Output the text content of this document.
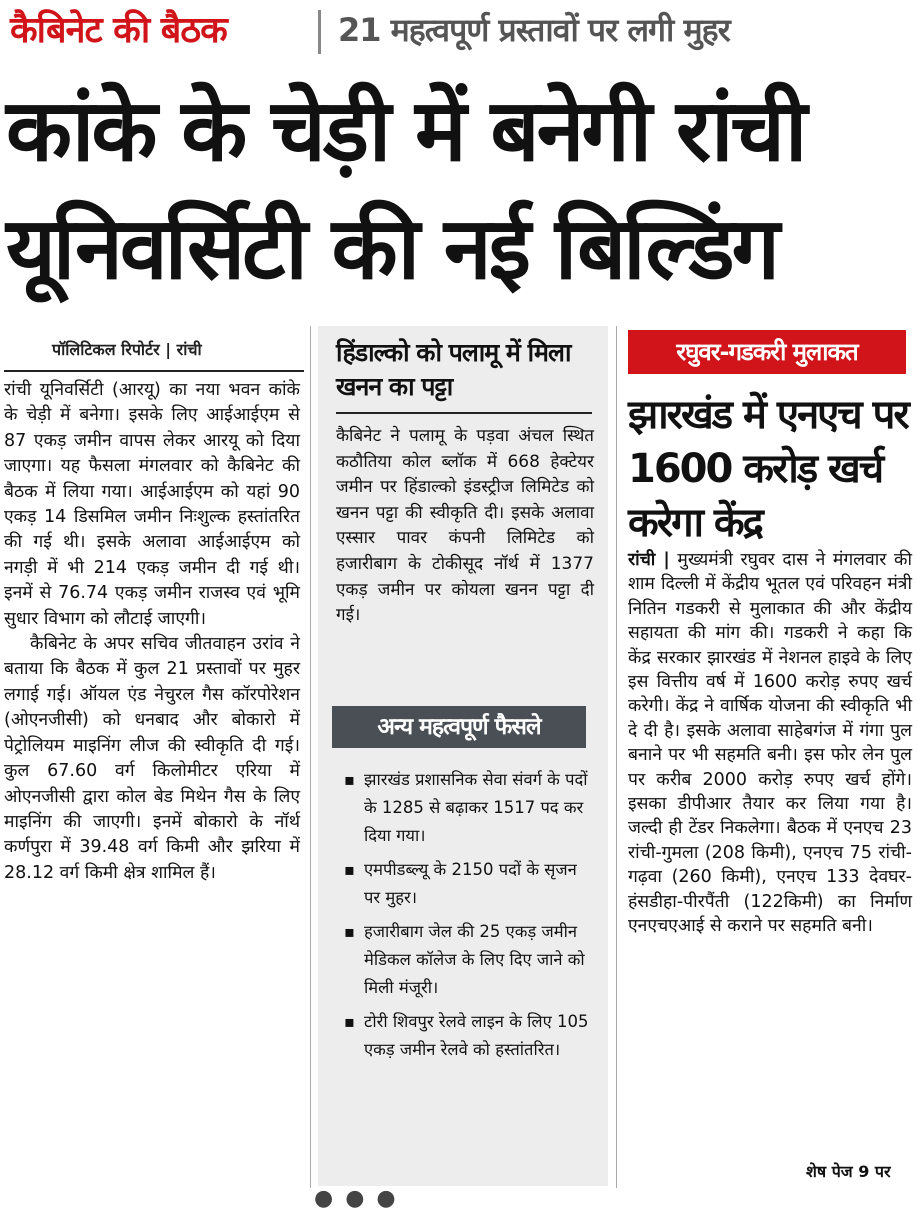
कैबिनेट की बैठक	21 महत्वपूर्ण प्रस्तावों पर लगी मुहर
कांके के चेड़ी में बनेगी रांची
यूनिवर्सिटी की नई बिल्डिंग
पॉलिटिकल रिपोर्टर | रांची

रांची यूनिवर्सिटी (आरयू) का नया भवन कांके के चेड़ी में बनेगा। इसके लिए आईआईएम से 87 एकड़ जमीन वापस लेकर आरयू को दिया जाएगा। यह फैसला मंगलवार को कैबिनेट की बैठक में लिया गया। आईआईएम को यहां 90 एकड़ 14 डिसमिल जमीन निःशुल्क हस्तांतरित की गई थी। इसके अलावा आईआईएम को नगड़ी में भी 214 एकड़ जमीन दी गई थी। इनमें से 76.74 एकड़ जमीन राजस्व एवं भूमि सुधार विभाग को लौटाई जाएगी।

कैबिनेट के अपर सचिव जीतवाहन उरांव ने बताया कि बैठक में कुल 21 प्रस्तावों पर मुहर लगाई गई। ऑयल एंड नेचुरल गैस कॉरपोरेशन (ओएनजीसी) को धनबाद और बोकारो में पेट्रोलियम माइनिंग लीज की स्वीकृति दी गई। कुल 67.60 वर्ग किलोमीटर एरिया में ओएनजीसी द्वारा कोल बेड मिथेन गैस के लिए माइनिंग की जाएगी। इनमें बोकारो के नॉर्थ कर्णपुरा में 39.48 वर्ग किमी और झरिया में 28.12 वर्ग किमी क्षेत्र शामिल हैं।

हिंडाल्को को पलामू में मिला खनन का पट्टा

कैबिनेट ने पलामू के पड़वा अंचल स्थित कठौतिया कोल ब्लॉक में 668 हेक्टेयर जमीन पर हिंडाल्को इंडस्ट्रीज लिमिटेड को खनन पट्टा की स्वीकृति दी। इसके अलावा एस्सार पावर कंपनी लिमिटेड को हजारीबाग के टोकीसूद नॉर्थ में 1377 एकड़ जमीन पर कोयला खनन पट्टा दी गई।

अन्य महत्वपूर्ण फैसले
▪ झारखंड प्रशासनिक सेवा संवर्ग के पदों के 1285 से बढ़ाकर 1517 पद कर दिया गया।
▪ एमपीडब्ल्यू के 2150 पदों के सृजन पर मुहर।
▪ हजारीबाग जेल की 25 एकड़ जमीन मेडिकल कॉलेज के लिए दिए जाने को मिली मंजूरी।
▪ टोरी शिवपुर रेलवे लाइन के लिए 105 एकड़ जमीन रेलवे को हस्तांतरित।
रघुवर-गडकरी मुलाकत
झारखंड में एनएच पर 1600 करोड़ खर्च करेगा केंद्र

रांची | मुख्यमंत्री रघुवर दास ने मंगलवार की शाम दिल्ली में केंद्रीय भूतल एवं परिवहन मंत्री नितिन गडकरी से मुलाकात की और केंद्रीय सहायता की मांग की। गडकरी ने कहा कि केंद्र सरकार झारखंड में नेशनल हाइवे के लिए इस वित्तीय वर्ष में 1600 करोड़ रुपए खर्च करेगी। केंद्र ने वार्षिक योजना की स्वीकृति भी दे दी है। इसके अलावा साहेबगंज में गंगा पुल बनाने पर भी सहमति बनी। इस फोर लेन पुल पर करीब 2000 करोड़ रुपए खर्च होंगे। इसका डीपीआर तैयार कर लिया गया है। जल्दी ही टेंडर निकलेगा। बैठक में एनएच 23 रांची-गुमला (208 किमी), एनएच 75 रांची-गढ़वा (260 किमी), एनएच 133 देवघर-हंसडीहा-पीरपैंती (122किमी) का निर्माण एनएचएआई से कराने पर सहमति बनी।

शेष पेज 9 पर
●●●
